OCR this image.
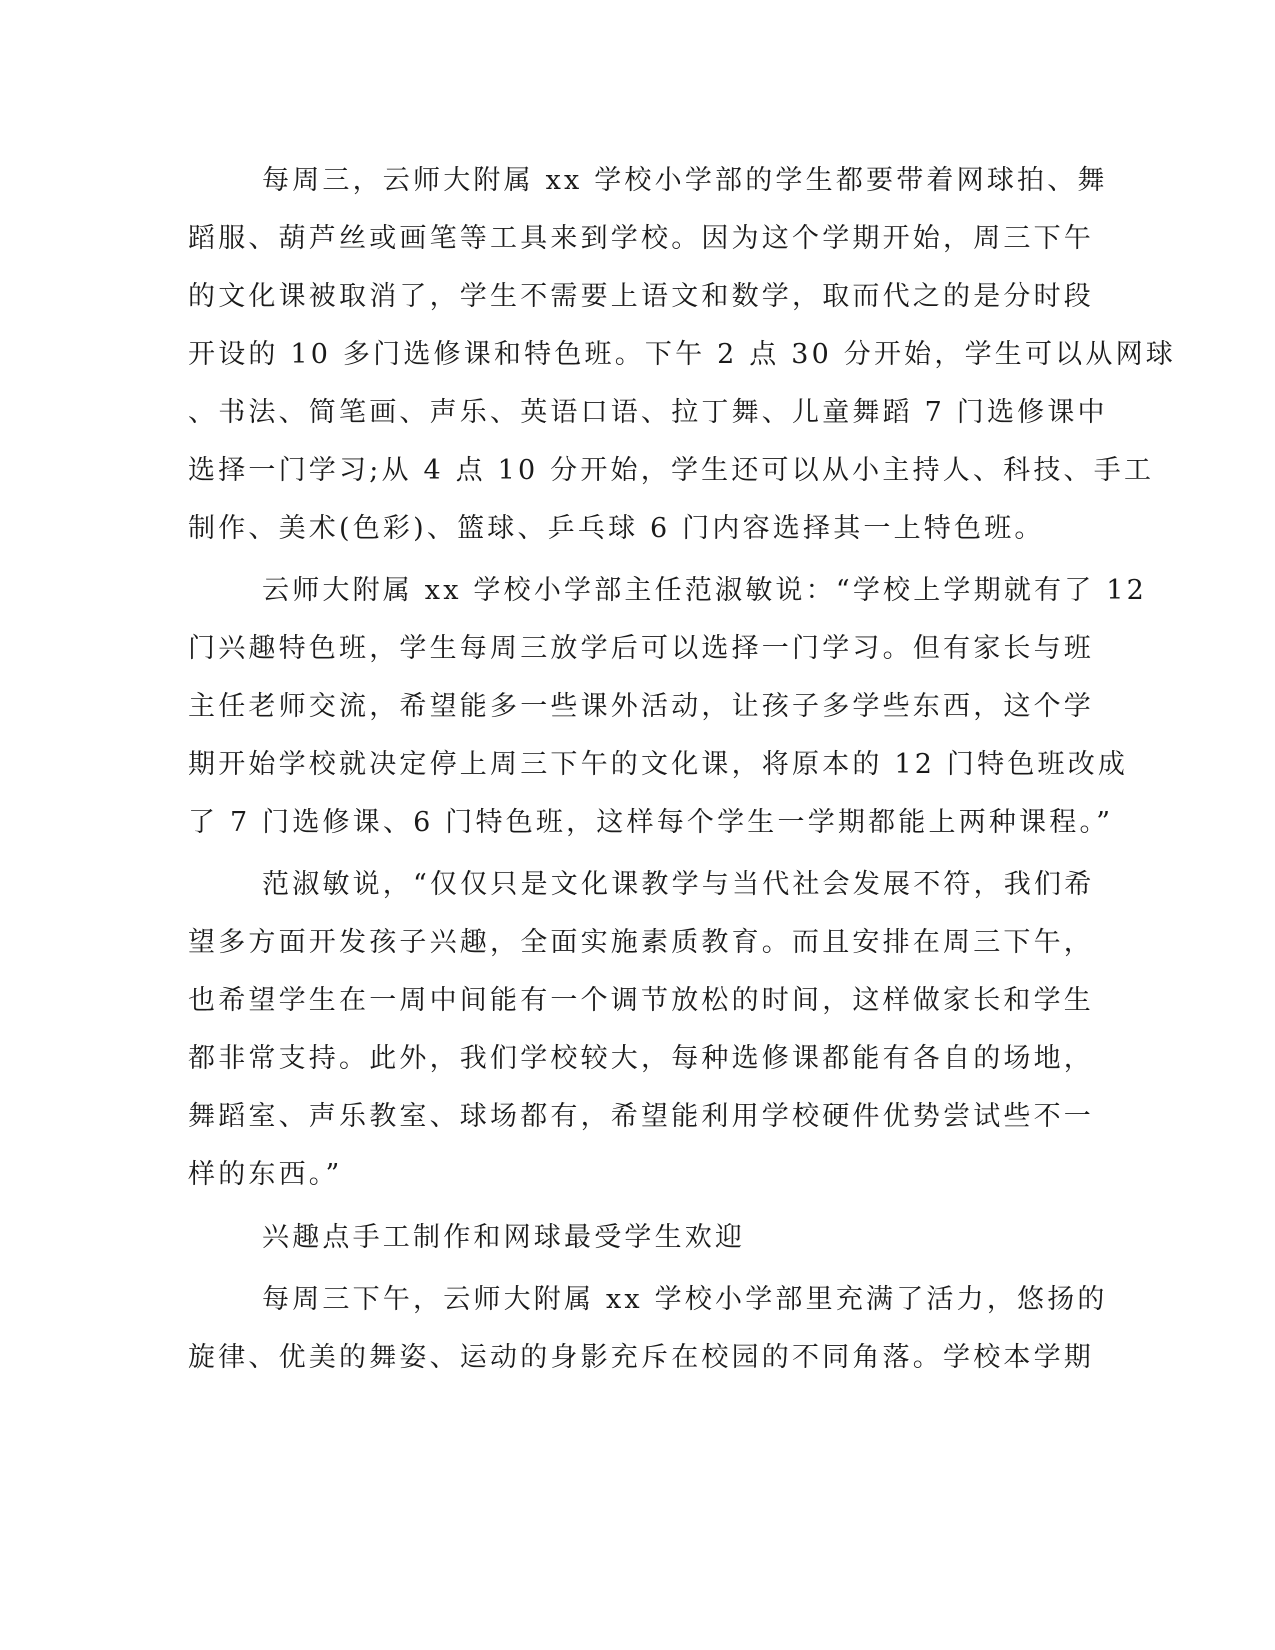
每周三，云师大附属 xx 学校小学部的学生都要带着网球拍、舞
蹈服、葫芦丝或画笔等工具来到学校。因为这个学期开始，周三下午
的文化课被取消了，学生不需要上语文和数学，取而代之的是分时段
开设的 10 多门选修课和特色班。下午 2 点 30 分开始，学生可以从网球
、书法、简笔画、声乐、英语口语、拉丁舞、儿童舞蹈 7 门选修课中
选择一门学习;从 4 点 10 分开始，学生还可以从小主持人、科技、手工
制作、美术(色彩)、篮球、乒乓球 6 门内容选择其一上特色班。
云师大附属 xx 学校小学部主任范淑敏说：“学校上学期就有了 12
门兴趣特色班，学生每周三放学后可以选择一门学习。但有家长与班
主任老师交流，希望能多一些课外活动，让孩子多学些东西，这个学
期开始学校就决定停上周三下午的文化课，将原本的 12 门特色班改成
了 7 门选修课、6 门特色班，这样每个学生一学期都能上两种课程。”
范淑敏说，“仅仅只是文化课教学与当代社会发展不符，我们希
望多方面开发孩子兴趣，全面实施素质教育。而且安排在周三下午，
也希望学生在一周中间能有一个调节放松的时间，这样做家长和学生
都非常支持。此外，我们学校较大，每种选修课都能有各自的场地，
舞蹈室、声乐教室、球场都有，希望能利用学校硬件优势尝试些不一
样的东西。”
兴趣点手工制作和网球最受学生欢迎
每周三下午，云师大附属 xx 学校小学部里充满了活力，悠扬的
旋律、优美的舞姿、运动的身影充斥在校园的不同角落。学校本学期
